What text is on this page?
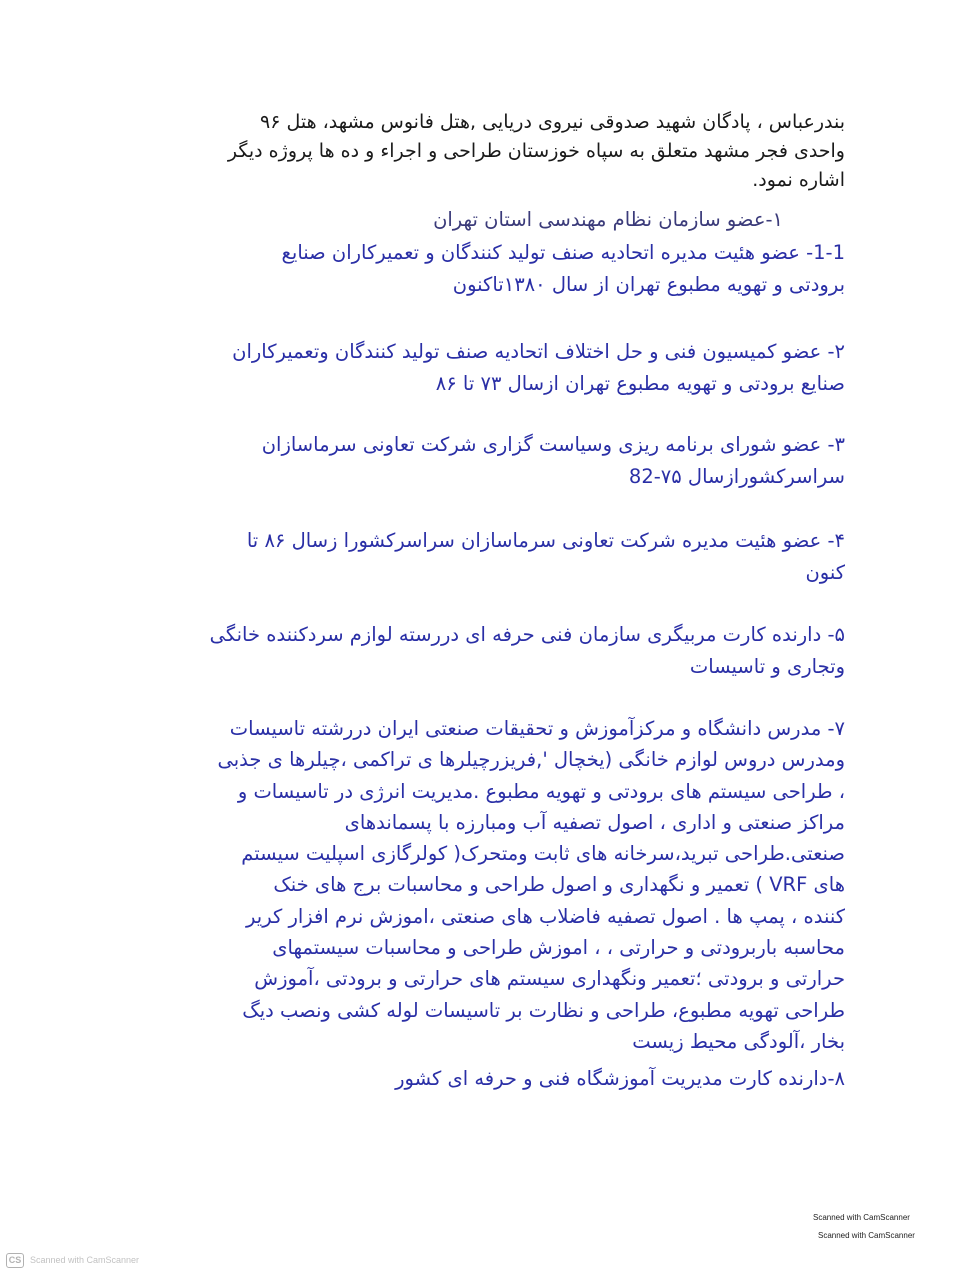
بندرعباس ، پادگان شهید صدوقی نیروی دریایی ,هتل فانوس مشهد، هتل ۹۶
واحدی فجر مشهد متعلق به سپاه خوزستان طراحی و اجراء و ده ها پروژه دیگر
اشاره نمود.
۱-عضو سازمان نظام مهندسی استان تهران
1-1- عضو هئیت مدیره اتحادیه صنف تولید کنندگان و تعمیرکاران صنایع
برودتی و تهویه مطبوع تهران از سال ۱۳۸۰تاکنون
۲- عضو کمیسیون فنی و حل اختلاف اتحادیه صنف تولید کنندگان وتعمیرکاران
صنایع برودتی و تهویه مطبوع تهران ازسال ۷۳ تا ۸۶
۳- عضو شورای برنامه ریزی وسیاست گزاری شرکت تعاونی سرماسازان
سراسرکشورازسال ۷۵-82
۴- عضو هئیت مدیره شرکت تعاونی سرماسازان سراسرکشورا زسال ۸۶ تا
کنون
۵- دارنده کارت مربیگری سازمان فنی حرفه ای دررسته لوازم سردکننده خانگی
وتجاری و تاسیسات
۷- مدرس دانشگاه و مرکزآموزش و تحقیقات صنعتی ایران دررشته تاسیسات
ومدرس دروس لوازم خانگی (یخچال ',فریزرچیلرها ی تراکمی ،چیلرها ی جذبی
، طراحی سیستم های برودتی و تهویه مطبوع .مدیریت انرژی در تاسیسات و
مراکز صنعتی و اداری ، اصول تصفیه آب ومبارزه با پسماندهای
صنعتی.طراحی تبرید،سرخانه های ثابت ومتحرک( کولرگازی اسپلیت سیستم
های VRF ) تعمیر و نگهداری و اصول طراحی و محاسبات برج های خنک
کننده ، پمپ ها . اصول تصفیه فاضلاب های صنعتی ،اموزش نرم افزار کریر
محاسبه باربرودتی و حرارتی ، ، اموزش طراحی و محاسبات سیستمهای
حرارتی و برودتی ؛تعمیر ونگهداری سیستم های حرارتی و برودتی ،آموزش
طراحی تهویه مطبوع، طراحی و نظارت بر تاسیسات لوله کشی ونصب دیگ
بخار ،آلودگی محیط زیست
۸-دارنده کارت مدیریت آموزشگاه فنی و حرفه ای کشور
Scanned with CamScanner
Scanned with CamScanner
CS Scanned with CamScanner
